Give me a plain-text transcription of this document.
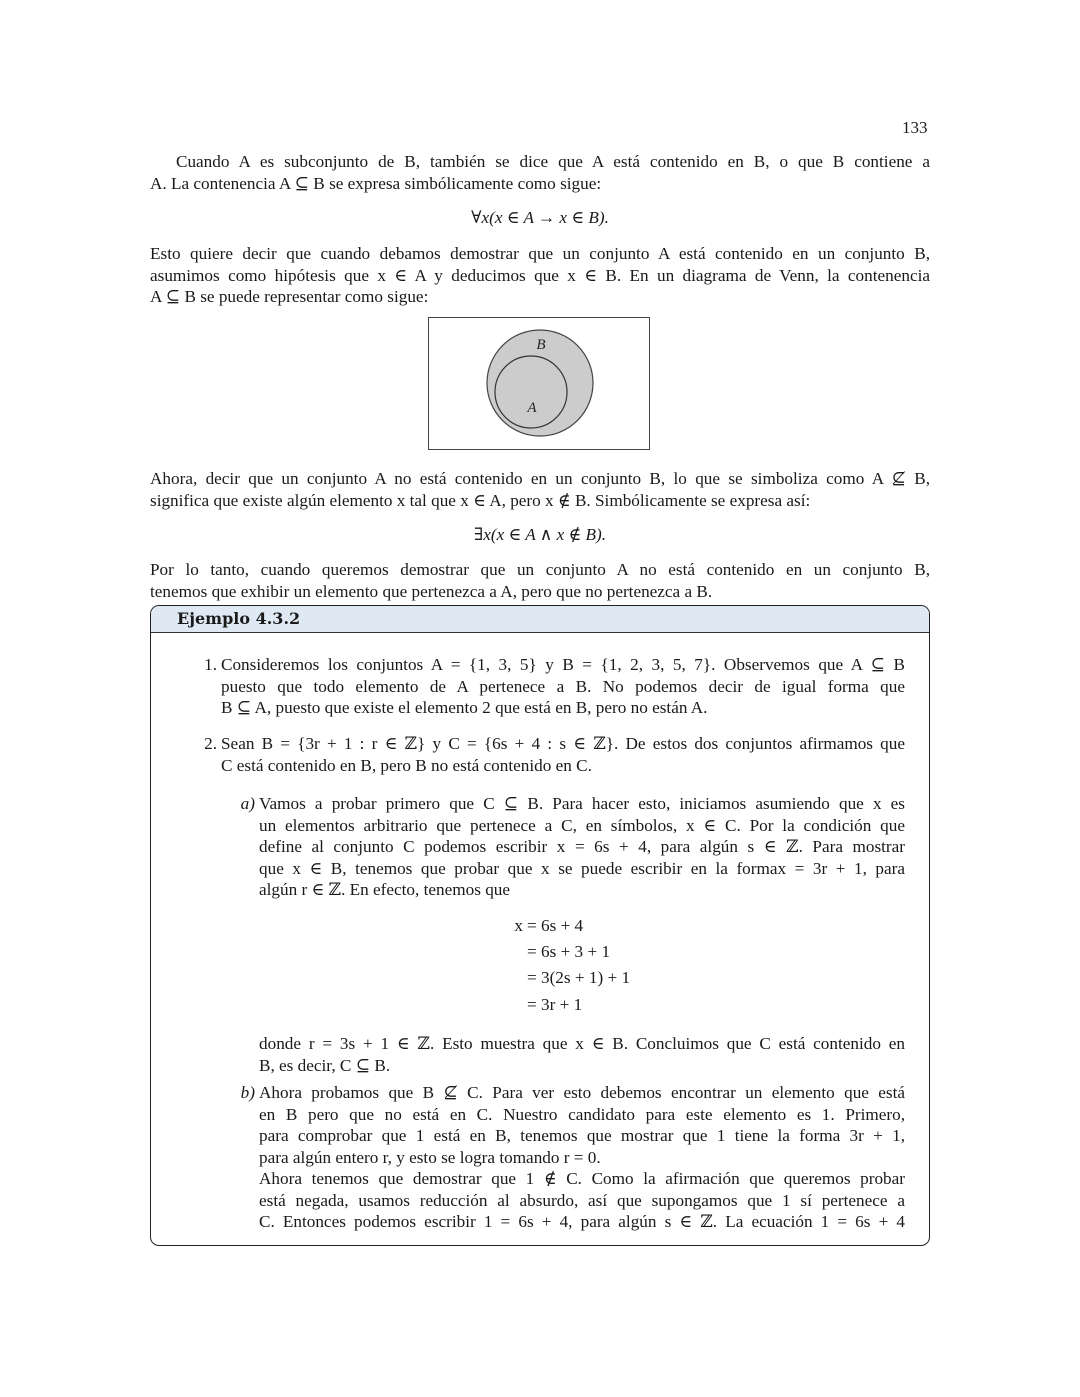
133
Cuando A es subconjunto de B, también se dice que A está contenido en B, o que B contiene a
A. La contenencia A ⊆ B se expresa simbólicamente como sigue:
∀x(x ∈ A → x ∈ B).
Esto quiere decir que cuando debamos demostrar que un conjunto A está contenido en un conjunto B,
asumimos como hipótesis que x ∈ A y deducimos que x ∈ B. En un diagrama de Venn, la contenencia
A ⊆ B se puede representar como sigue:
B
A
Ahora, decir que un conjunto A no está contenido en un conjunto B, lo que se simboliza como A ⊈ B,
significa que existe algún elemento x tal que x ∈ A, pero x ∉ B. Simbólicamente se expresa así:
∃x(x ∈ A ∧ x ∉ B).
Por lo tanto, cuando queremos demostrar que un conjunto A no está contenido en un conjunto B,
tenemos que exhibir un elemento que pertenezca a A, pero que no pertenezca a B.
Ejemplo 4.3.2
1. Consideremos los conjuntos A = {1, 3, 5} y B = {1, 2, 3, 5, 7}. Observemos que A ⊆ B
puesto que todo elemento de A pertenece a B. No podemos decir de igual forma que
B ⊆ A, puesto que existe el elemento 2 que está en B, pero no están A.
2. Sean B = {3r + 1 : r ∈ ℤ} y C = {6s + 4 : s ∈ ℤ}. De estos dos conjuntos afirmamos que
C está contenido en B, pero B no está contenido en C.
a) Vamos a probar primero que C ⊆ B. Para hacer esto, iniciamos asumiendo que x es
un elementos arbitrario que pertenece a C, en símbolos, x ∈ C. Por la condición que
define al conjunto C podemos escribir x = 6s + 4, para algún s ∈ ℤ. Para mostrar
que x ∈ B, tenemos que probar que x se puede escribir en la formax = 3r + 1, para
algún r ∈ ℤ. En efecto, tenemos que
x = 6s + 4
= 6s + 3 + 1
= 3(2s + 1) + 1
= 3r + 1
donde r = 3s + 1 ∈ ℤ. Esto muestra que x ∈ B. Concluimos que C está contenido en
B, es decir, C ⊆ B.
b) Ahora probamos que B ⊈ C. Para ver esto debemos encontrar un elemento que está
en B pero que no está en C. Nuestro candidato para este elemento es 1. Primero,
para comprobar que 1 está en B, tenemos que mostrar que 1 tiene la forma 3r + 1,
para algún entero r, y esto se logra tomando r = 0.
Ahora tenemos que demostrar que 1 ∉ C. Como la afirmación que queremos probar
está negada, usamos reducción al absurdo, así que supongamos que 1 sí pertenece a
C. Entonces podemos escribir 1 = 6s + 4, para algún s ∈ ℤ. La ecuación 1 = 6s + 4
